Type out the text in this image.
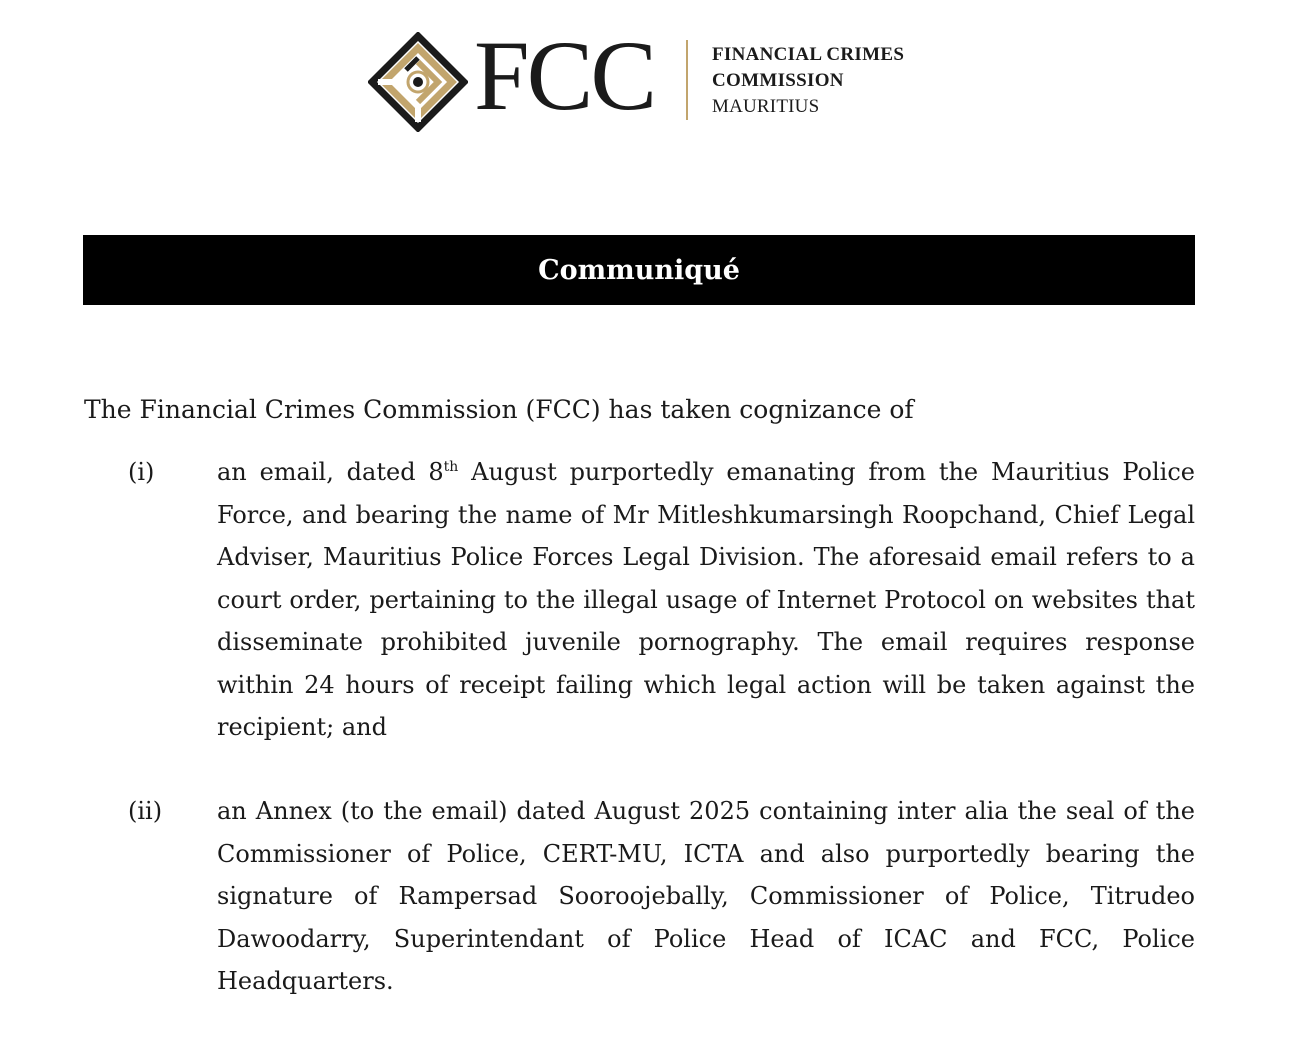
FCC	FINANCIAL CRIMES
COMMISSION
MAURITIUS
Communiqué
The Financial Crimes Commission (FCC) has taken cognizance of
(i)	an email, dated 8th August purportedly emanating from the Mauritius Police Force, and bearing the name of Mr Mitleshkumarsingh Roopchand, Chief Legal Adviser, Mauritius Police Forces Legal Division. The aforesaid email refers to a court order, pertaining to the illegal usage of Internet Protocol on websites that disseminate prohibited juvenile pornography. The email requires response within 24 hours of receipt failing which legal action will be taken against the recipient; and
(ii) an Annex (to the email) dated August 2025 containing inter alia the seal of the Commissioner of Police, CERT-MU, ICTA and also purportedly bearing the signature of Rampersad Sooroojebally, Commissioner of Police, Titrudeo Dawoodarry, Superintendant of Police Head of ICAC and FCC, Police Headquarters.
